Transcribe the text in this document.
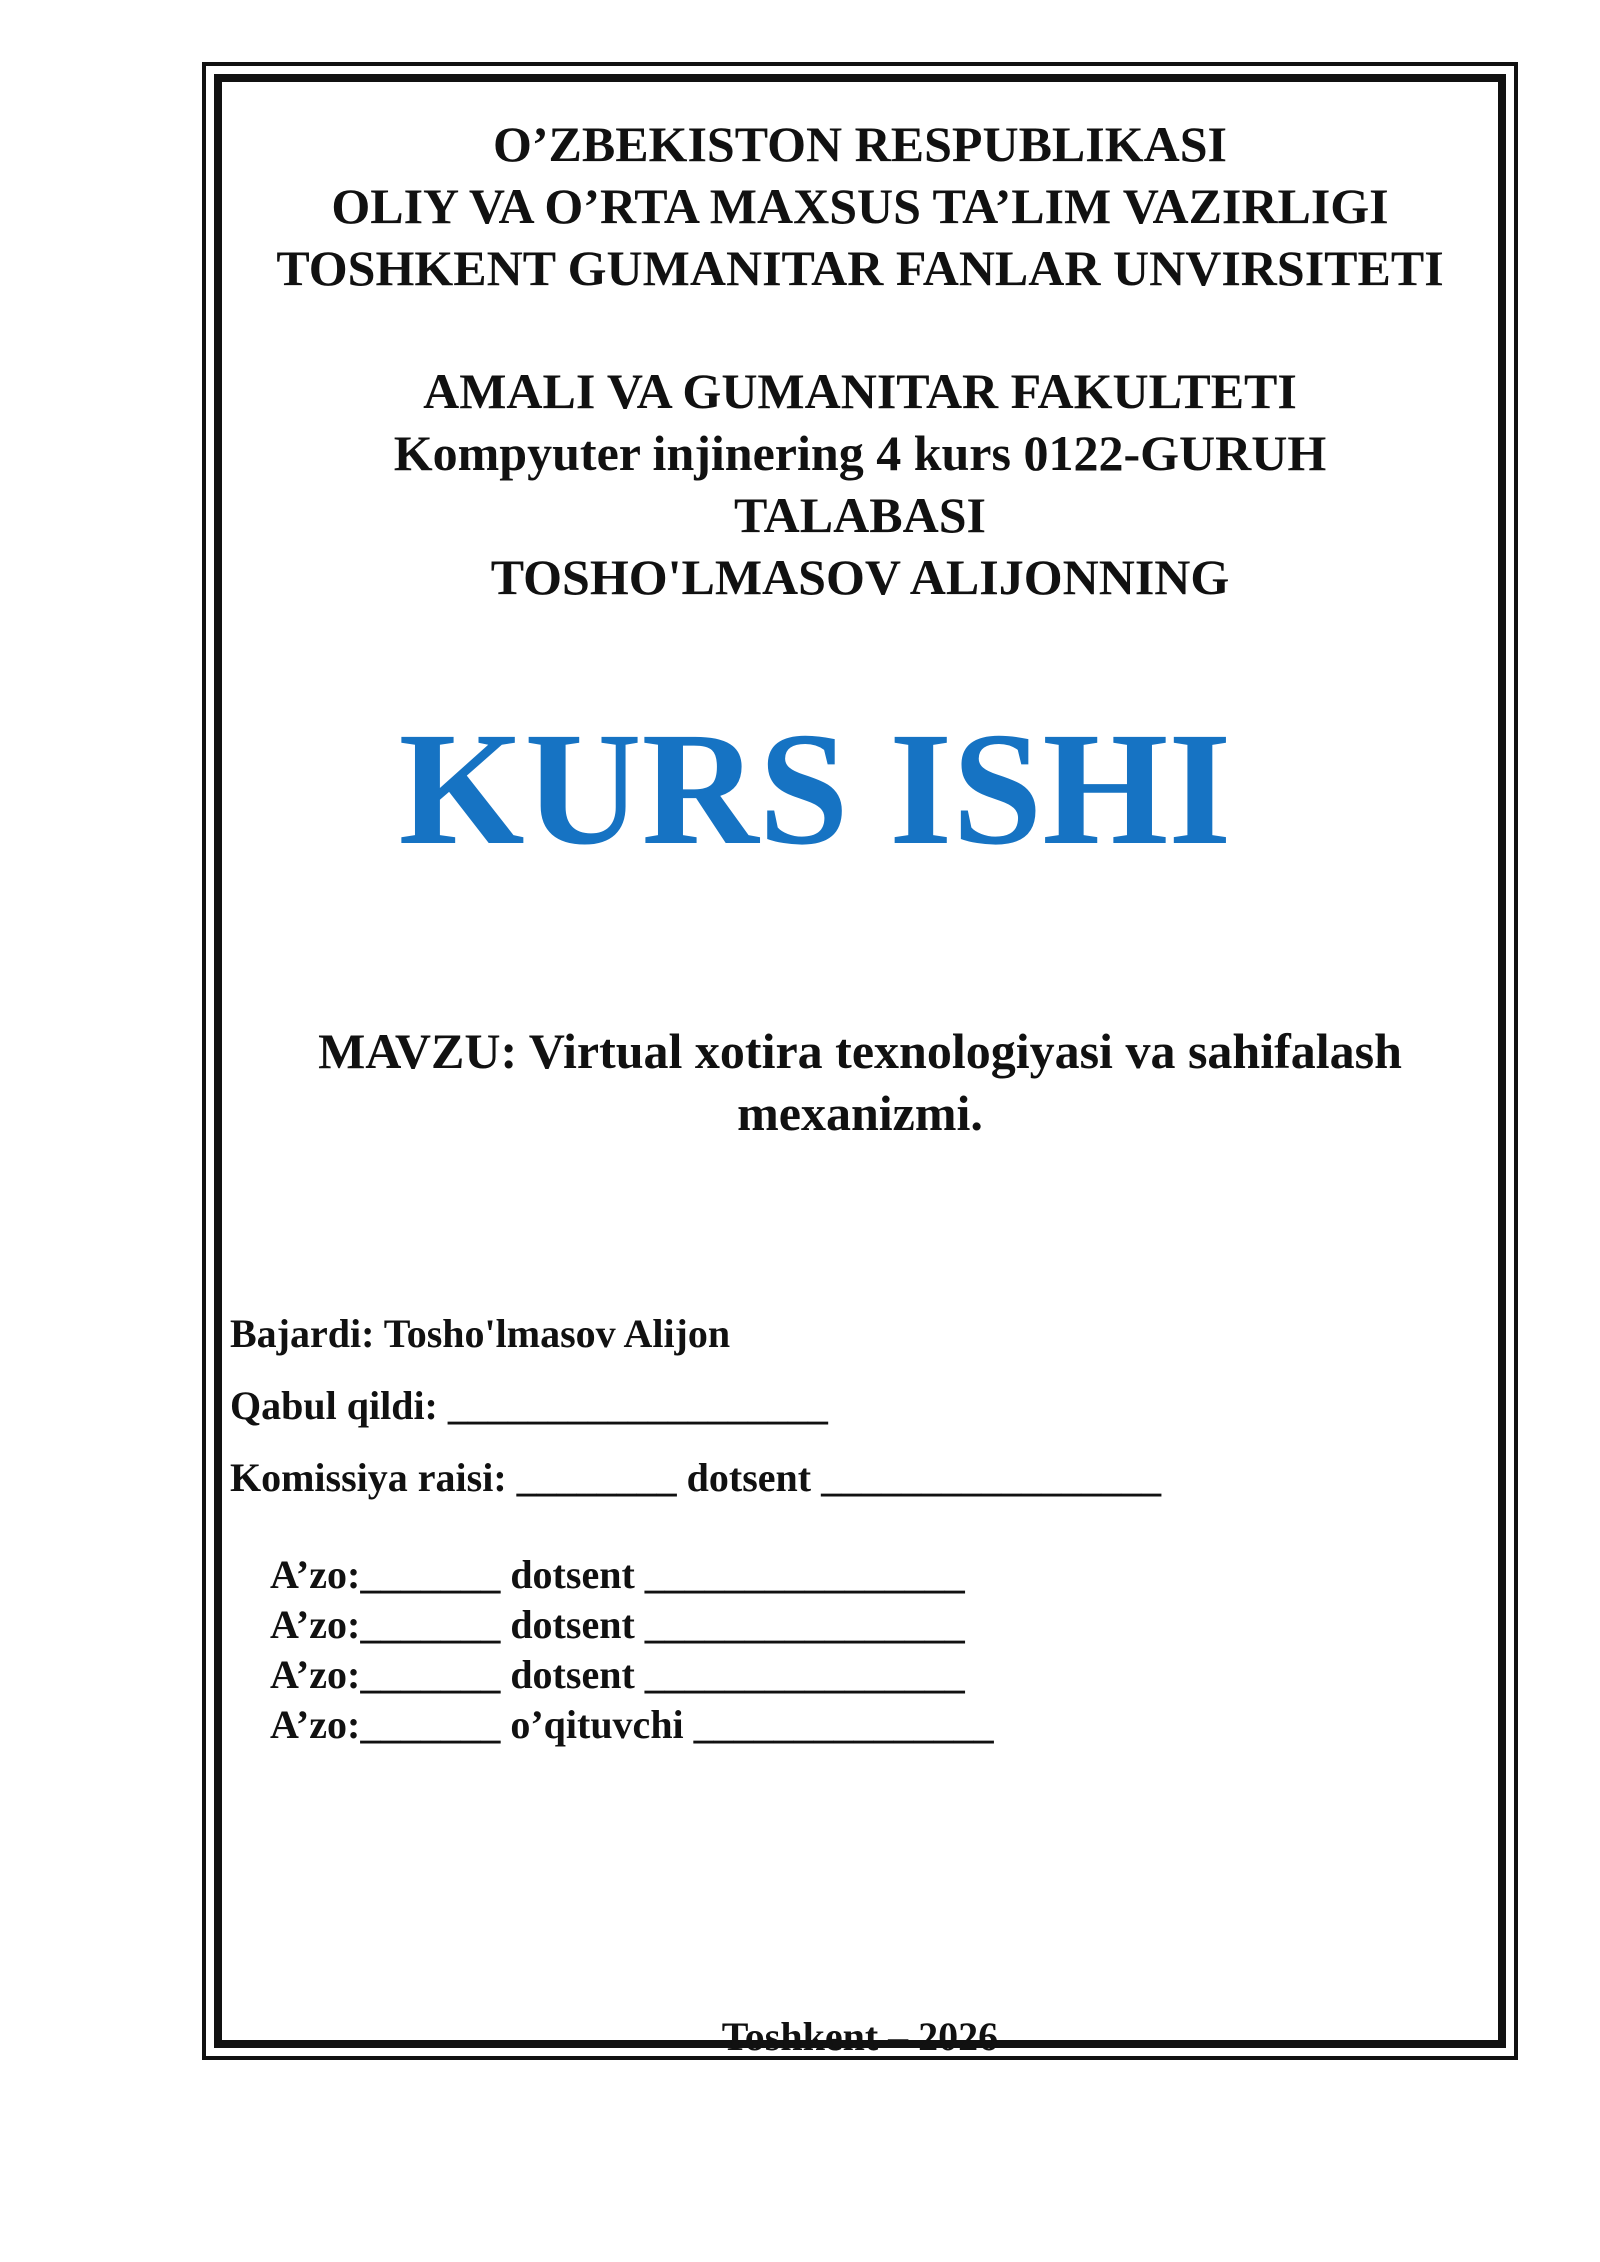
O’ZBEKISTON RESPUBLIKASI
OLIY VA O’RTA MAXSUS TA’LIM VAZIRLIGI
TOSHKENT GUMANITAR FANLAR UNVIRSITETI
AMALI VA GUMANITAR FAKULTETI
Kompyuter injinering 4 kurs 0122-GURUH
TALABASI
TOSHO'LMASOV ALIJONNING
KURS ISHI
MAVZU: Virtual xotira texnologiyasi va sahifalash
mexanizmi.
Bajardi: Tosho'lmasov Alijon
Qabul qildi: ___________________
Komissiya raisi: ________ dotsent _________________
A’zo:_______ dotsent ________________
A’zo:_______ dotsent ________________
A’zo:_______ dotsent ________________
A’zo:_______ o’qituvchi _______________
Toshkent – 2026
